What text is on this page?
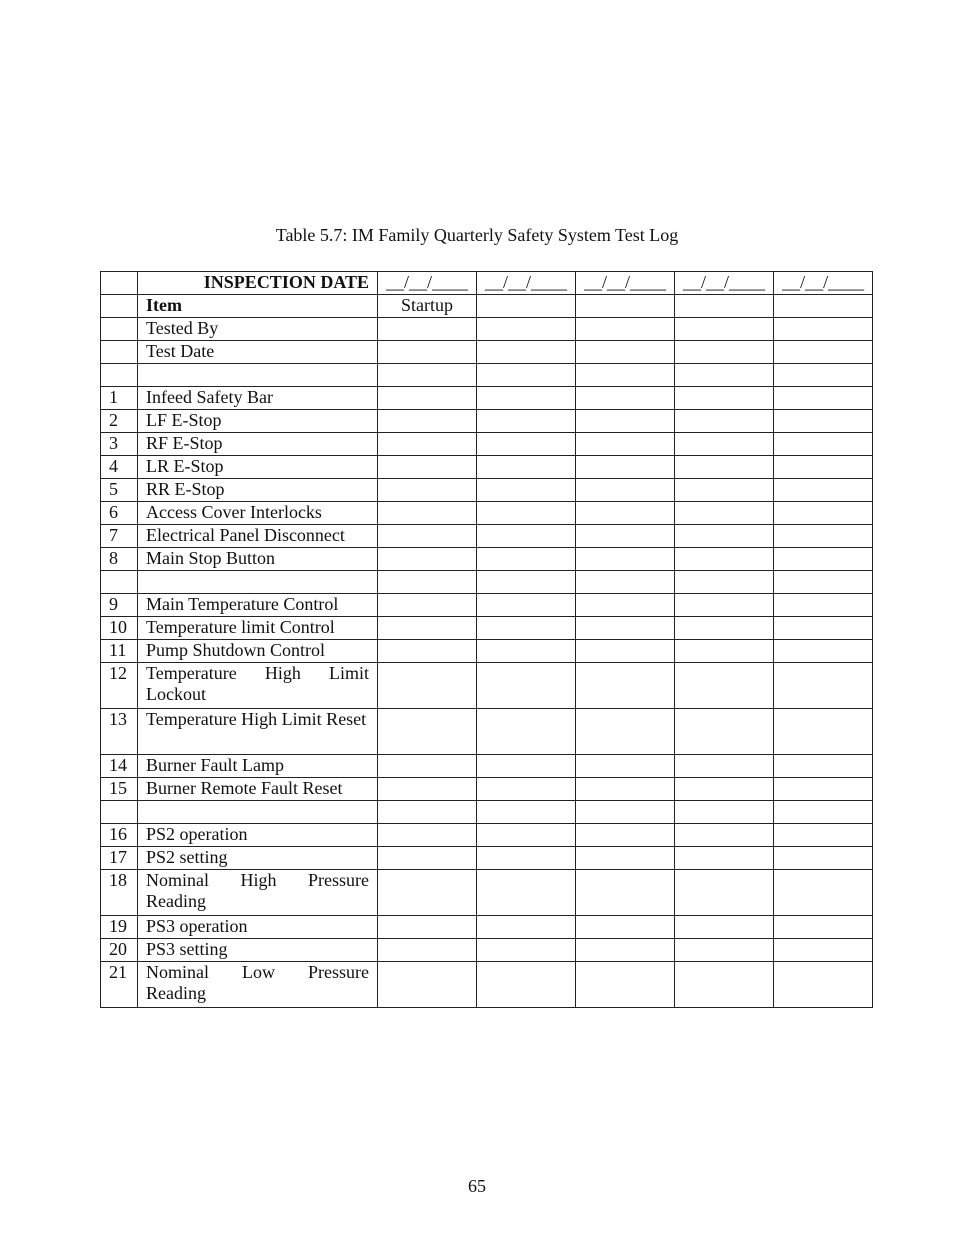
Table 5.7: IM Family Quarterly Safety System Test Log
	INSPECTION DATE	__/__/____	__/__/____	__/__/____	__/__/____	__/__/____
	Item	Startup				
	Tested By					
	Test Date					

1	Infeed Safety Bar					
2	LF E-Stop					
3	RF E-Stop					
4	LR E-Stop					
5	RR E-Stop					
6	Access Cover Interlocks					
7	Electrical Panel Disconnect					
8	Main Stop Button					

9	Main Temperature Control					
10	Temperature limit Control					
11	Pump Shutdown Control					
12	Temperature High Limit Lockout					
13	Temperature High Limit Reset					
14	Burner Fault Lamp					
15	Burner Remote Fault Reset					

16	PS2 operation					
17	PS2 setting					
18	Nominal High Pressure Reading					
19	PS3 operation					
20	PS3 setting					
21	Nominal Low Pressure Reading					
65
